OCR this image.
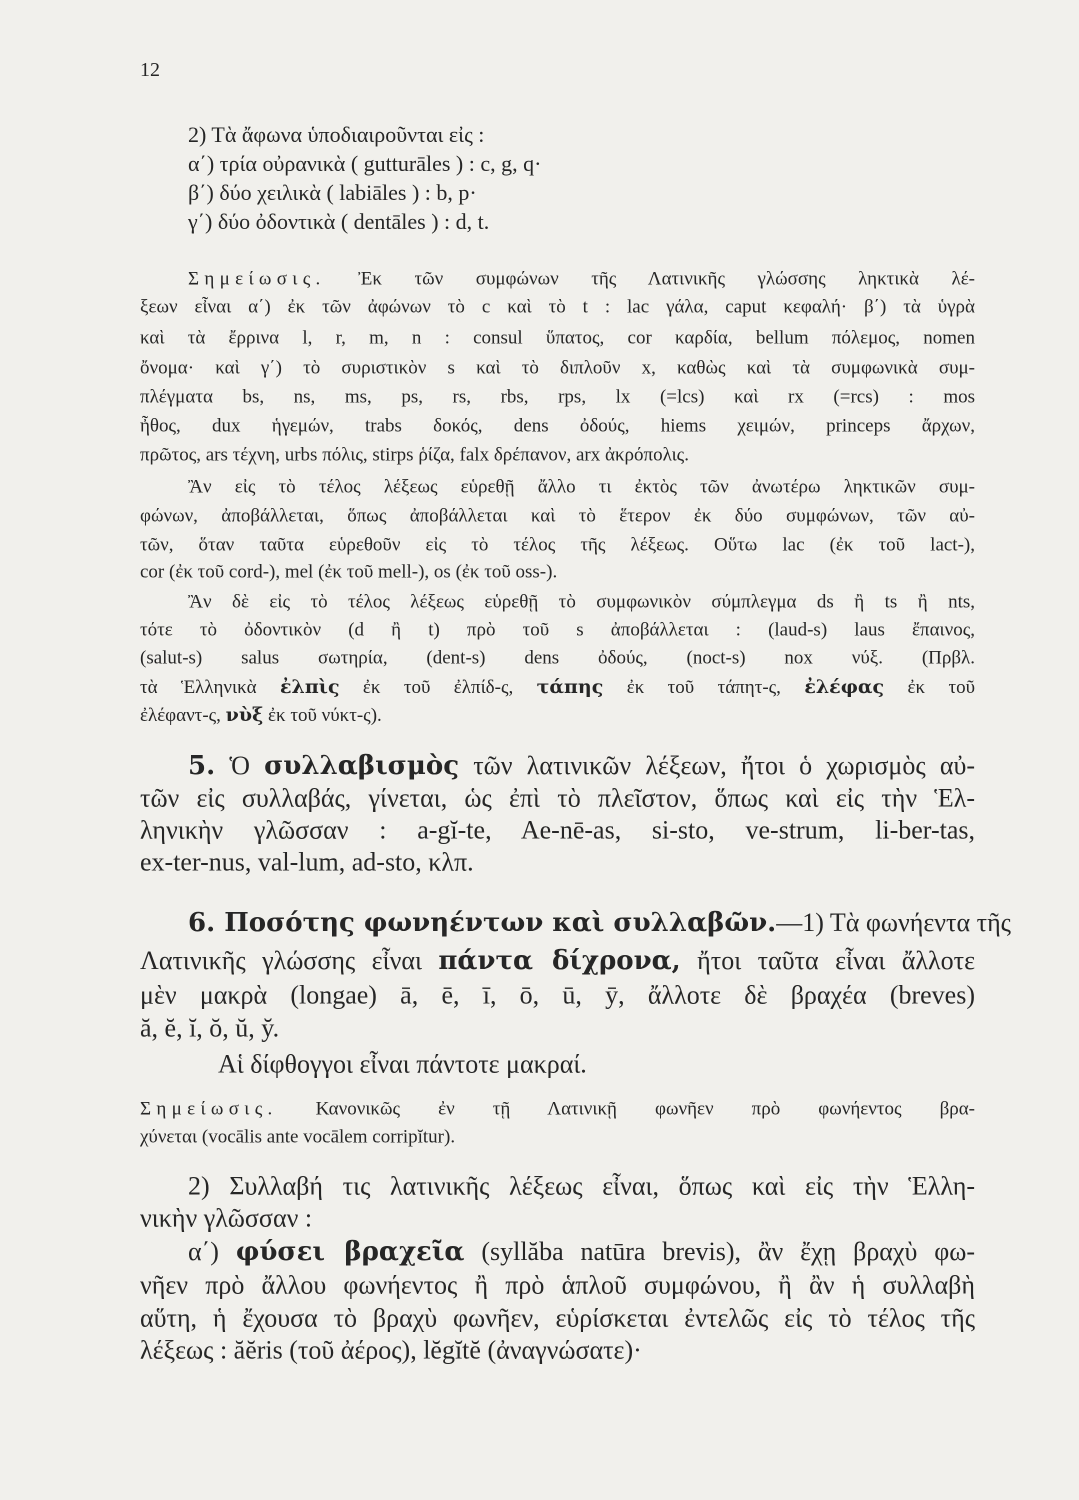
12
2) Τὰ ἄφωνα ὑποδιαιροῦνται εἰς :
α΄) τρία οὐρανικὰ ( gutturāles ) : c, g, q·
β΄) δύο χειλικὰ ( labiāles ) : b, p·
γ΄) δύο ὀδοντικὰ ( dentāles ) : d, t.
Σημείωσις. Ἐκ τῶν συμφώνων τῆς Λατινικῆς γλώσσης ληκτικὰ λέ-
ξεων εἶναι α΄) ἐκ τῶν ἀφώνων τὸ c καὶ τὸ t : lac γάλα, caput κεφαλή· β΄) τὰ ὑγρὰ
καὶ τὰ ἔρρινα l, r, m, n : consul ὕπατος, cor καρδία, bellum πόλεμος, nomen
ὄνομα· καὶ γ΄) τὸ συριστικὸν s καὶ τὸ διπλοῦν x, καθὼς καὶ τὰ συμφωνικὰ συμ-
πλέγματα bs, ns, ms, ps, rs, rbs, rps, lx (=lcs) καὶ rx (=rcs) : mos
ἦθος, dux ἡγεμών, trabs δοκός, dens ὀδούς, hiems χειμών, princeps ἄρχων,
πρῶτος, ars τέχνη, urbs πόλις, stirps ῥίζα, falx δρέπανον, arx ἀκρόπολις.
Ἂν εἰς τὸ τέλος λέξεως εὑρεθῇ ἄλλο τι ἐκτὸς τῶν ἀνωτέρω ληκτικῶν συμ-
φώνων, ἀποβάλλεται, ὅπως ἀποβάλλεται καὶ τὸ ἕτερον ἐκ δύο συμφώνων, τῶν αὐ-
τῶν, ὅταν ταῦτα εὑρεθοῦν εἰς τὸ τέλος τῆς λέξεως. Οὕτω lac (ἐκ τοῦ lact-),
cor (ἐκ τοῦ cord-), mel (ἐκ τοῦ mell-), os (ἐκ τοῦ oss-).
Ἂν δὲ εἰς τὸ τέλος λέξεως εὑρεθῇ τὸ συμφωνικὸν σύμπλεγμα ds ἢ ts ἢ nts,
τότε τὸ ὀδοντικὸν (d ἢ t) πρὸ τοῦ s ἀποβάλλεται : (laud-s) laus ἔπαινος,
(salut-s) salus σωτηρία, (dent-s) dens ὀδούς, (noct-s) nox νύξ. (Πρβλ.
τὰ Ἑλληνικὰ ἐλπὶς ἐκ τοῦ ἐλπίδ-ς, τάπης ἐκ τοῦ τάπητ-ς, ἐλέφας ἐκ τοῦ
ἐλέφαντ-ς, νὺξ ἐκ τοῦ νύκτ-ς).
5. Ὁ συλλαβισμὸς τῶν λατινικῶν λέξεων, ἤτοι ὁ χωρισμὸς αὐ-
τῶν εἰς συλλαβάς, γίνεται, ὡς ἐπὶ τὸ πλεῖστον, ὅπως καὶ εἰς τὴν Ἑλ-
ληνικὴν γλῶσσαν : a-gĭ-te, Ae-nē-as, si-sto, ve-strum, li-ber-tas,
ex-ter-nus, val-lum, ad-sto, κλπ.
6. Ποσότης φωνηέντων καὶ συλλαβῶν.—1) Τὰ φωνήεντα τῆς
Λατινικῆς γλώσσης εἶναι πάντα δίχρονα, ἤτοι ταῦτα εἶναι ἄλλοτε
μὲν μακρὰ (longae) ā, ē, ī, ō, ū, ȳ, ἄλλοτε δὲ βραχέα (breves)
ă, ĕ, ĭ, ŏ, ŭ, y̆.
Αἱ δίφθογγοι εἶναι πάντοτε μακραί.
Σημείωσις. Κανονικῶς ἐν τῇ Λατινικῇ φωνῆεν πρὸ φωνήεντος βρα-
χύνεται (vocālis ante vocālem corripĭtur).
2) Συλλαβή τις λατινικῆς λέξεως εἶναι, ὅπως καὶ εἰς τὴν Ἑλλη-
νικὴν γλῶσσαν :
α΄) φύσει βραχεῖα (syllăba natūra brevis), ἂν ἔχῃ βραχὺ φω-
νῆεν πρὸ ἄλλου φωνήεντος ἢ πρὸ ἁπλοῦ συμφώνου, ἢ ἂν ἡ συλλαβὴ
αὕτη, ἡ ἔχουσα τὸ βραχὺ φωνῆεν, εὑρίσκεται ἐντελῶς εἰς τὸ τέλος τῆς
λέξεως : ăĕris (τοῦ ἀέρος), lĕgĭtĕ (ἀναγνώσατε)·
